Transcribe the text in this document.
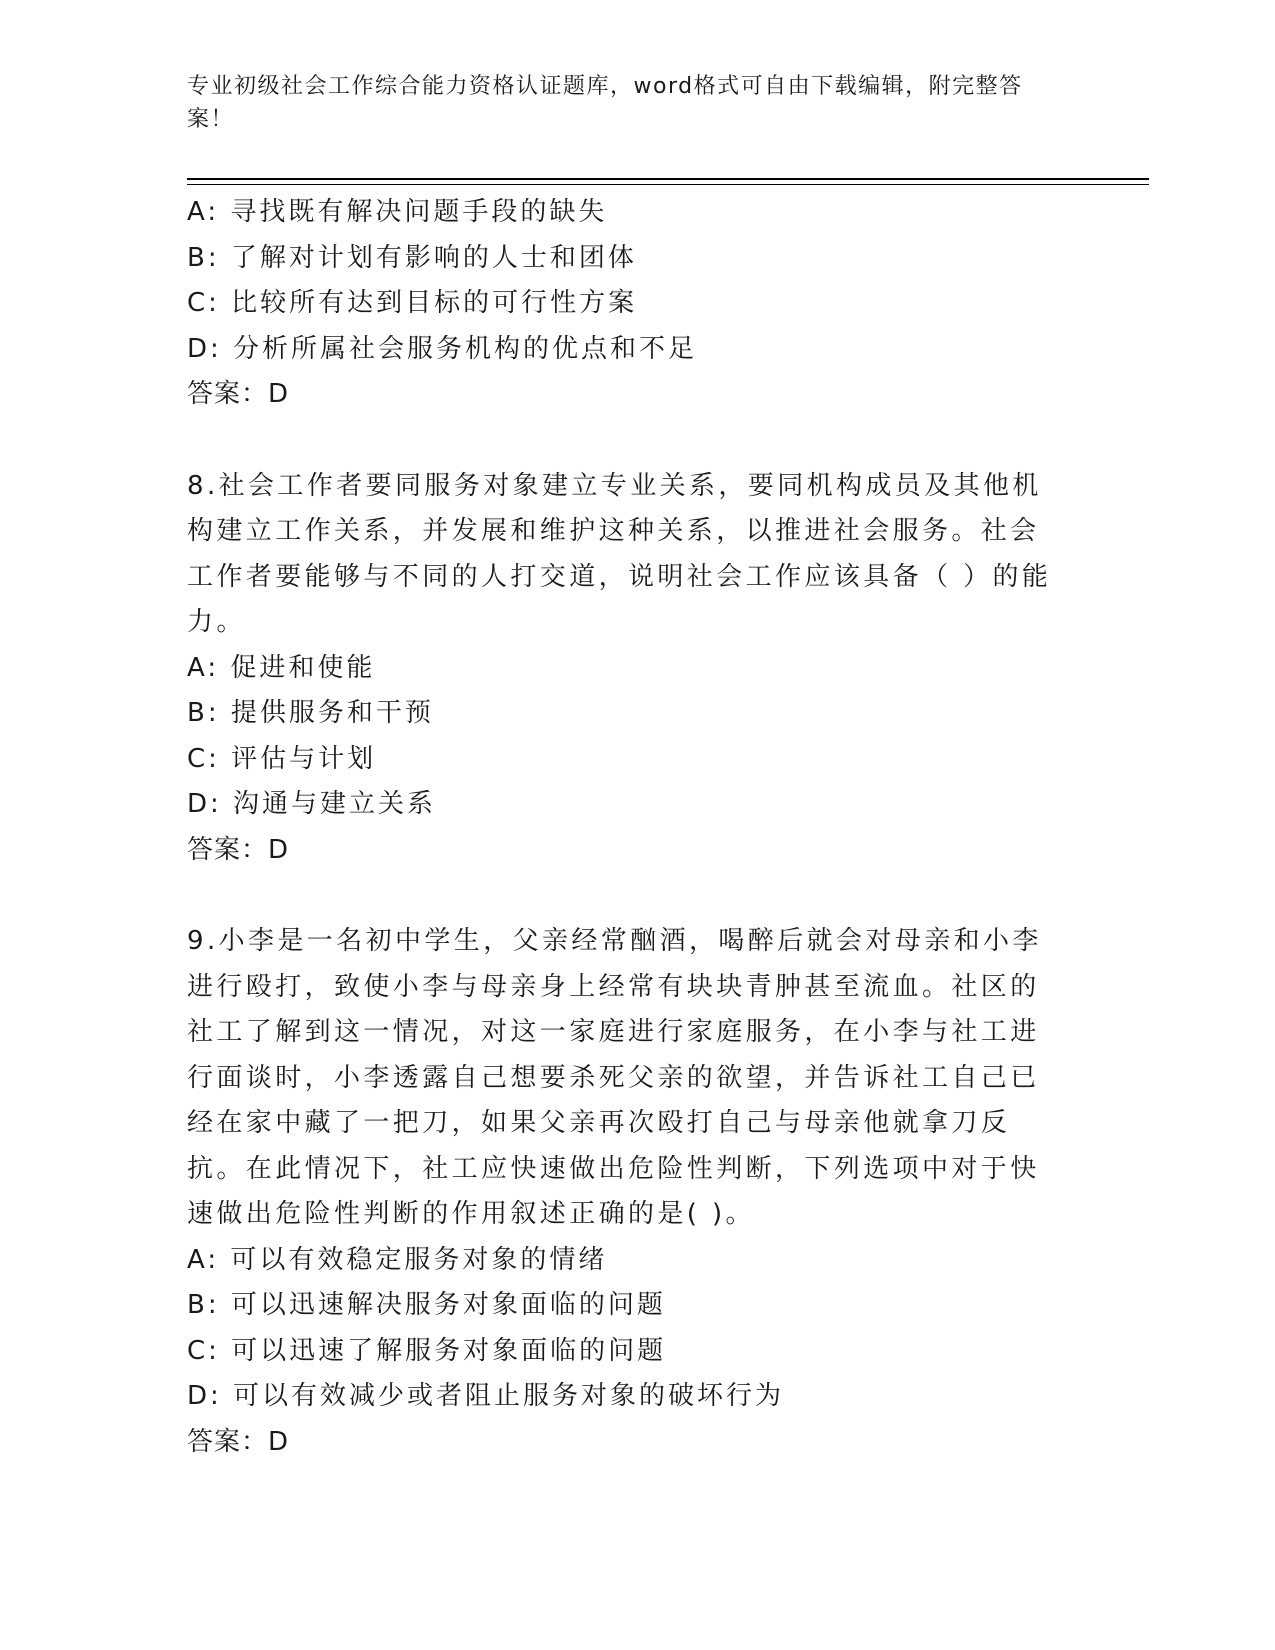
专业初级社会工作综合能力资格认证题库，word格式可自由下载编辑，附完整答案！
A: 寻找既有解决问题手段的缺失
B: 了解对计划有影响的人士和团体
C: 比较所有达到目标的可行性方案
D: 分析所属社会服务机构的优点和不足
答案：D
8.社会工作者要同服务对象建立专业关系，要同机构成员及其他机构建立工作关系，并发展和维护这种关系，以推进社会服务。社会工作者要能够与不同的人打交道，说明社会工作应该具备（ ）的能力。
A: 促进和使能
B: 提供服务和干预
C: 评估与计划
D: 沟通与建立关系
答案：D
9.小李是一名初中学生，父亲经常酗酒，喝醉后就会对母亲和小李进行殴打，致使小李与母亲身上经常有块块青肿甚至流血。社区的社工了解到这一情况，对这一家庭进行家庭服务，在小李与社工进行面谈时，小李透露自己想要杀死父亲的欲望，并告诉社工自己已经在家中藏了一把刀，如果父亲再次殴打自己与母亲他就拿刀反抗。在此情况下，社工应快速做出危险性判断，下列选项中对于快速做出危险性判断的作用叙述正确的是( )。
A: 可以有效稳定服务对象的情绪
B: 可以迅速解决服务对象面临的问题
C: 可以迅速了解服务对象面临的问题
D: 可以有效减少或者阻止服务对象的破坏行为
答案：D
